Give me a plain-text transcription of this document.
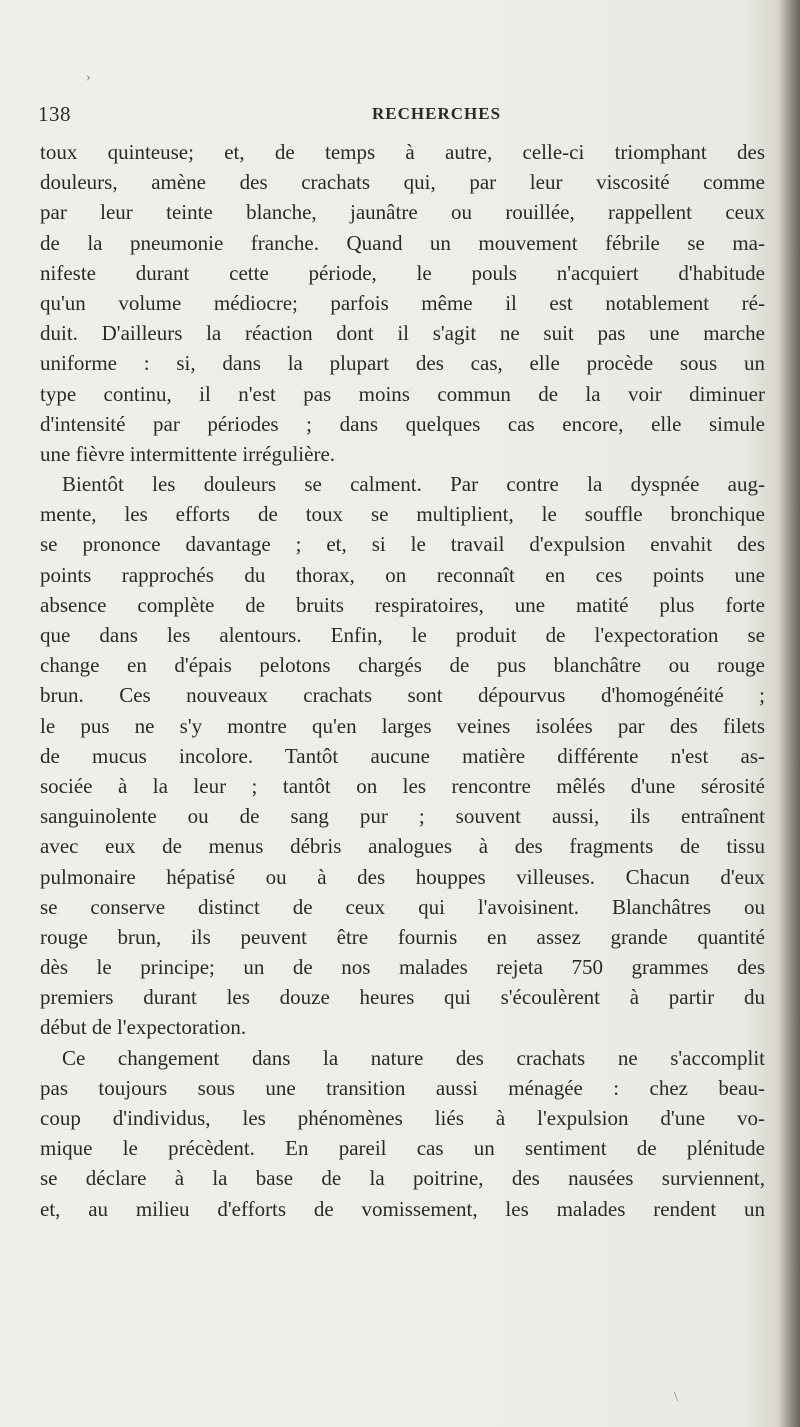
›
138	RECHERCHES
toux quinteuse; et, de temps à autre, celle-ci triomphant des
douleurs, amène des crachats qui, par leur viscosité comme
par leur teinte blanche, jaunâtre ou rouillée, rappellent ceux
de la pneumonie franche. Quand un mouvement fébrile se ma-
nifeste durant cette période, le pouls n'acquiert d'habitude
qu'un volume médiocre; parfois même il est notablement ré-
duit. D'ailleurs la réaction dont il s'agit ne suit pas une marche
uniforme : si, dans la plupart des cas, elle procède sous un
type continu, il n'est pas moins commun de la voir diminuer
d'intensité par périodes ; dans quelques cas encore, elle simule
une fièvre intermittente irrégulière.
Bientôt les douleurs se calment. Par contre la dyspnée aug-
mente, les efforts de toux se multiplient, le souffle bronchique
se prononce davantage ; et, si le travail d'expulsion envahit des
points rapprochés du thorax, on reconnaît en ces points une
absence complète de bruits respiratoires, une matité plus forte
que dans les alentours. Enfin, le produit de l'expectoration se
change en d'épais pelotons chargés de pus blanchâtre ou rouge
brun. Ces nouveaux crachats sont dépourvus d'homogénéité ;
le pus ne s'y montre qu'en larges veines isolées par des filets
de mucus incolore. Tantôt aucune matière différente n'est as-
sociée à la leur ; tantôt on les rencontre mêlés d'une sérosité
sanguinolente ou de sang pur ; souvent aussi, ils entraînent
avec eux de menus débris analogues à des fragments de tissu
pulmonaire hépatisé ou à des houppes villeuses. Chacun d'eux
se conserve distinct de ceux qui l'avoisinent. Blanchâtres ou
rouge brun, ils peuvent être fournis en assez grande quantité
dès le principe; un de nos malades rejeta 750 grammes des
premiers durant les douze heures qui s'écoulèrent à partir du
début de l'expectoration.
Ce changement dans la nature des crachats ne s'accomplit
pas toujours sous une transition aussi ménagée : chez beau-
coup d'individus, les phénomènes liés à l'expulsion d'une vo-
mique le précèdent. En pareil cas un sentiment de plénitude
se déclare à la base de la poitrine, des nausées surviennent,
et, au milieu d'efforts de vomissement, les malades rendent un
\
